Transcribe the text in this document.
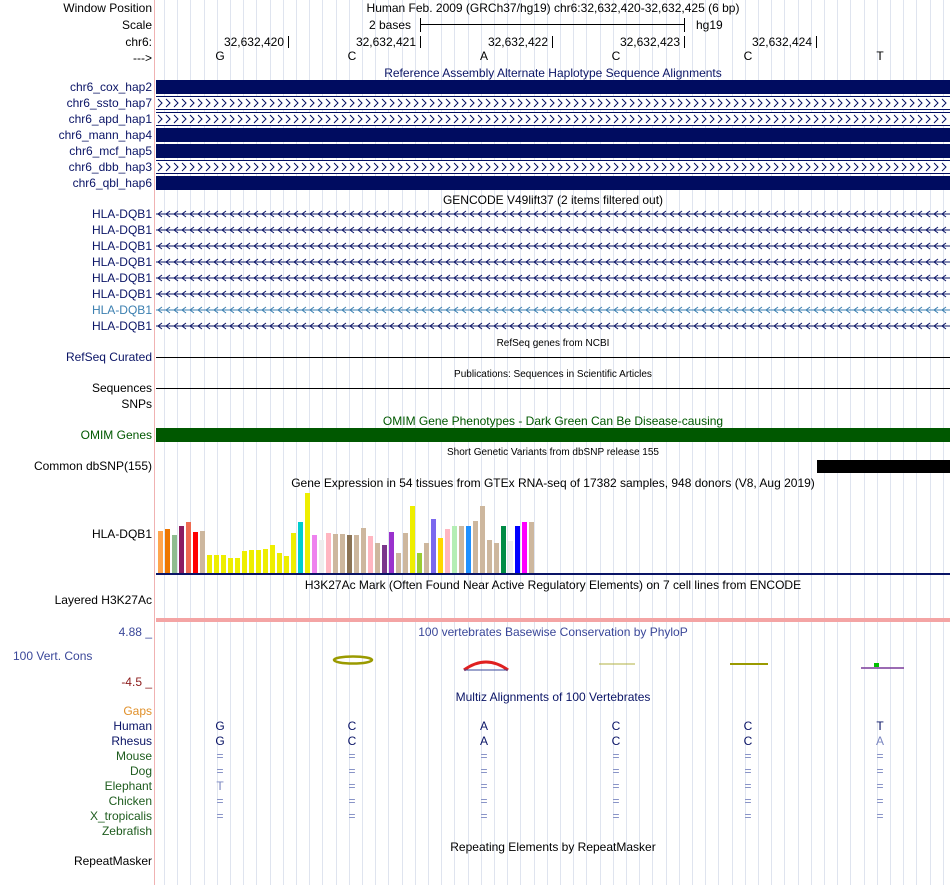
Window Position	Human Feb. 2009 (GRCh37/hg19) chr6:32,632,420-32,632,425 (6 bp)
Scale	2 bases	hg19
chr6:	32,632,420	32,632,421	32,632,422	32,632,423	32,632,424
--->	G	C	A	C	C	T
Reference Assembly Alternate Haplotype Sequence Alignments
chr6_cox_hap2
chr6_ssto_hap7
chr6_apd_hap1
chr6_mann_hap4
chr6_mcf_hap5
chr6_dbb_hap3
chr6_qbl_hap6
GENCODE V49lift37 (2 items filtered out)
HLA-DQB1
HLA-DQB1
HLA-DQB1
HLA-DQB1
HLA-DQB1
HLA-DQB1
HLA-DQB1
HLA-DQB1
RefSeq genes from NCBI
RefSeq Curated
Publications: Sequences in Scientific Articles
Sequences
SNPs
OMIM Gene Phenotypes - Dark Green Can Be Disease-causing
OMIM Genes
Short Genetic Variants from dbSNP release 155
Common dbSNP(155)
Gene Expression in 54 tissues from GTEx RNA-seq of 17382 samples, 948 donors (V8, Aug 2019)
HLA-DQB1
H3K27Ac Mark (Often Found Near Active Regulatory Elements) on 7 cell lines from ENCODE
Layered H3K27Ac
100 vertebrates Basewise Conservation by PhyloP
4.88 _
100 Vert. Cons
-4.5 _
Multiz Alignments of 100 Vertebrates
Gaps
Human	G	C	A	C	C	T
Rhesus	G	C	A	C	C	A
Mouse	=	=	=	=	=	=
Dog	=	=	=	=	=	=
Elephant	T	=	=	=	=	=
Chicken	=	=	=	=	=	=
X_tropicalis	=	=	=	=	=	=
Zebrafish
Repeating Elements by RepeatMasker
RepeatMasker
